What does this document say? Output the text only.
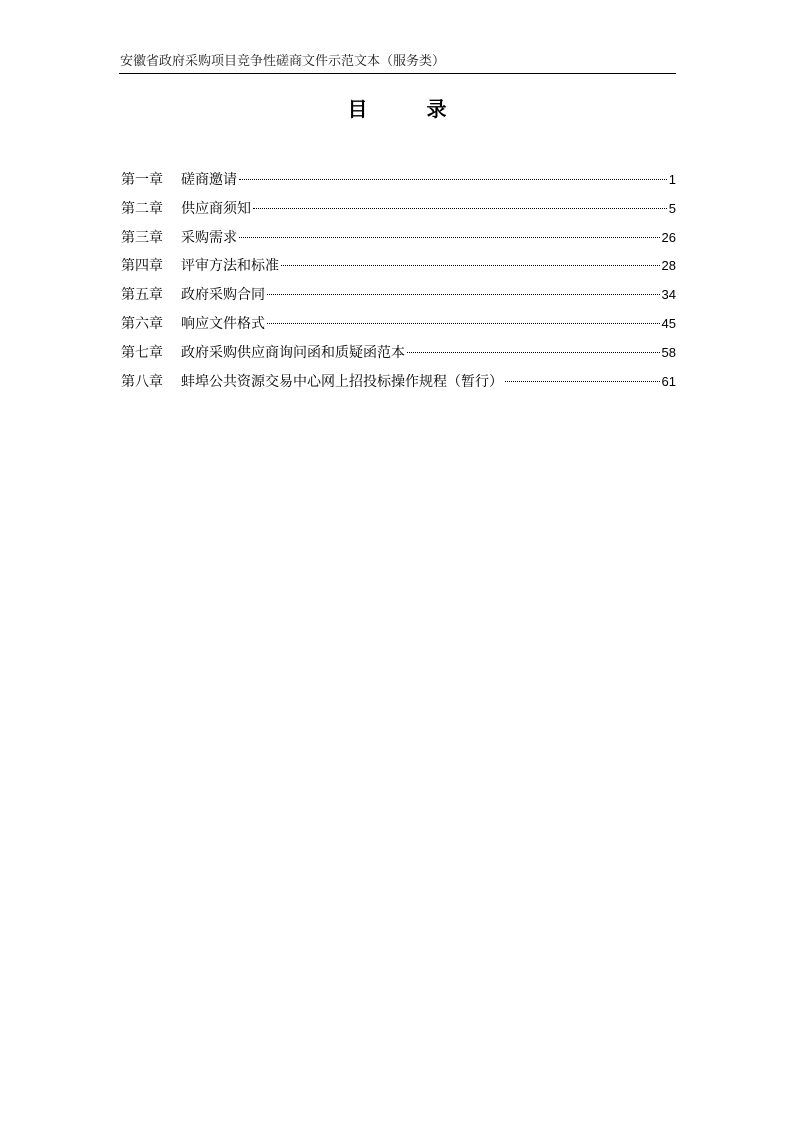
安徽省政府采购项目竞争性磋商文件示范文本（服务类）
目 录
第一章	磋商邀请	1
第二章	供应商须知	5
第三章	采购需求	26
第四章	评审方法和标准	28
第五章	政府采购合同	34
第六章	响应文件格式	45
第七章	政府采购供应商询问函和质疑函范本	58
第八章	蚌埠公共资源交易中心网上招投标操作规程（暂行）	61
